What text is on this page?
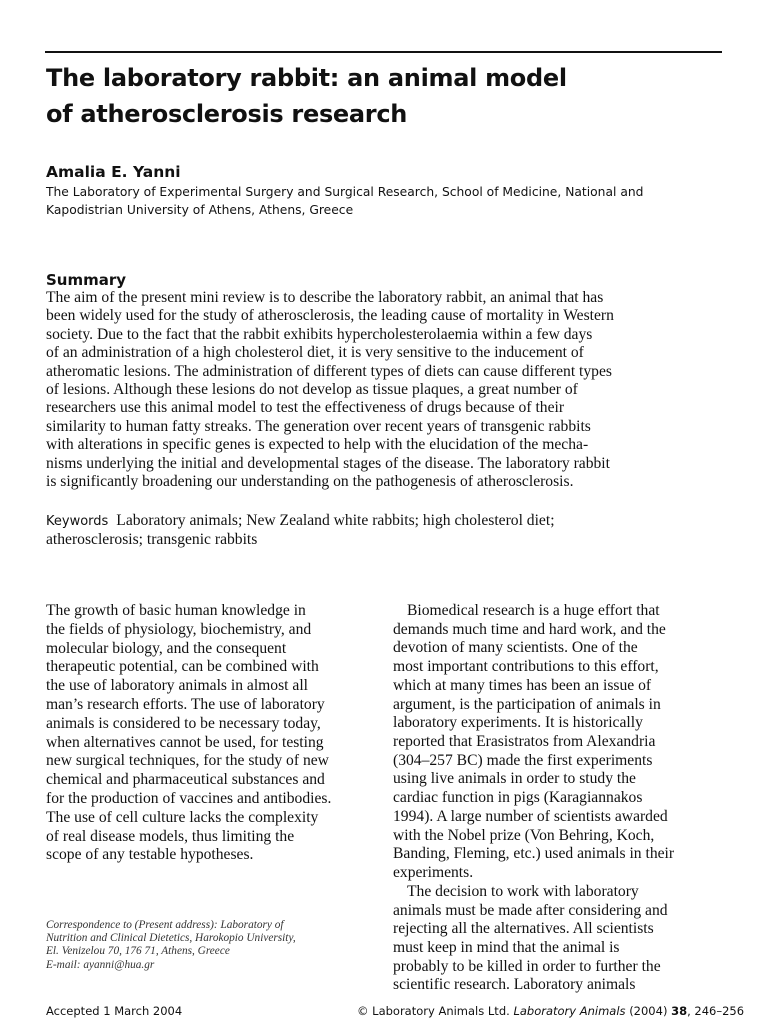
The laboratory rabbit: an animal model
of atherosclerosis research
Amalia E. Yanni
The Laboratory of Experimental Surgery and Surgical Research, School of Medicine, National and
Kapodistrian University of Athens, Athens, Greece
Summary
The aim of the present mini review is to describe the laboratory rabbit, an animal that has
been widely used for the study of atherosclerosis, the leading cause of mortality in Western
society. Due to the fact that the rabbit exhibits hypercholesterolaemia within a few days
of an administration of a high cholesterol diet, it is very sensitive to the inducement of
atheromatic lesions. The administration of different types of diets can cause different types
of lesions. Although these lesions do not develop as tissue plaques, a great number of
researchers use this animal model to test the effectiveness of drugs because of their
similarity to human fatty streaks. The generation over recent years of transgenic rabbits
with alterations in specific genes is expected to help with the elucidation of the mecha-
nisms underlying the initial and developmental stages of the disease. The laboratory rabbit
is significantly broadening our understanding on the pathogenesis of atherosclerosis.
Keywords Laboratory animals; New Zealand white rabbits; high cholesterol diet;
atherosclerosis; transgenic rabbits
The growth of basic human knowledge in
the fields of physiology, biochemistry, and
molecular biology, and the consequent
therapeutic potential, can be combined with
the use of laboratory animals in almost all
man’s research efforts. The use of laboratory
animals is considered to be necessary today,
when alternatives cannot be used, for testing
new surgical techniques, for the study of new
chemical and pharmaceutical substances and
for the production of vaccines and antibodies.
The use of cell culture lacks the complexity
of real disease models, thus limiting the
scope of any testable hypotheses.
Biomedical research is a huge effort that
demands much time and hard work, and the
devotion of many scientists. One of the
most important contributions to this effort,
which at many times has been an issue of
argument, is the participation of animals in
laboratory experiments. It is historically
reported that Erasistratos from Alexandria
(304–257 BC) made the first experiments
using live animals in order to study the
cardiac function in pigs (Karagiannakos
1994). A large number of scientists awarded
with the Nobel prize (Von Behring, Koch,
Banding, Fleming, etc.) used animals in their
experiments.
The decision to work with laboratory
animals must be made after considering and
rejecting all the alternatives. All scientists
must keep in mind that the animal is
probably to be killed in order to further the
scientific research. Laboratory animals
Correspondence to (Present address): Laboratory of
Nutrition and Clinical Dietetics, Harokopio University,
El. Venizelou 70, 176 71, Athens, Greece
E-mail: ayanni@hua.gr
Accepted 1 March 2004	© Laboratory Animals Ltd. Laboratory Animals (2004) 38, 246–256
